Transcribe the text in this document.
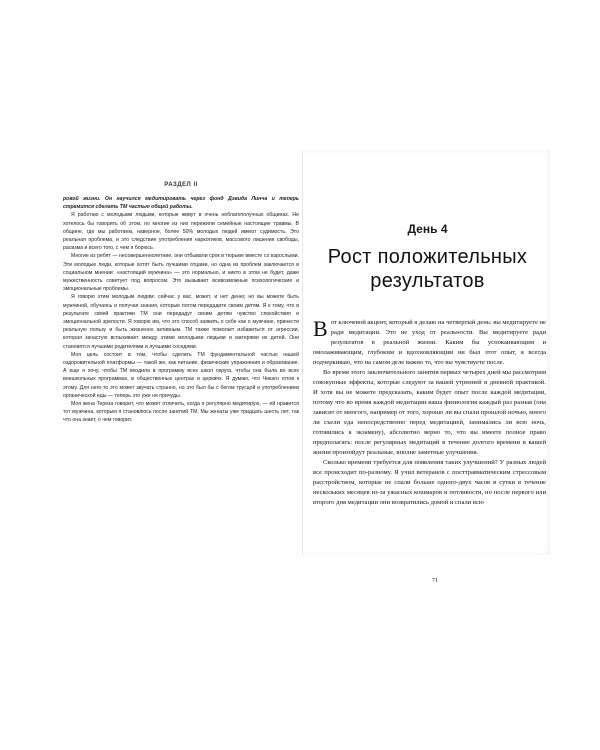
РАЗДЕЛ II

ровой жизни. Он научился медитировать через фонд Дэвида Линча и теперь стремится сделать ТМ частью общей работы.

Я работаю с молодыми людьми, которые живут в очень неблагополучных общинах. Не хотелось бы говорить об этом, но многие из них пережили семейные настоящие травмы. В общине, где мы работаем, наверное, более 50% молодых людей имеют судимость. Это реальная проблема, и это следствие употребления наркотиков, массового лишения свободы, расизма и всего того, с чем я борюсь.

Многие из ребят — несовершеннолетние, они отбывали срок в тюрьме вместе со взрослыми. Эти молодые люди, которые хотят быть лучшими отцами, но одна из проблем заключается в социальном мнении: «настоящий мужчина» — это нормально, и никто в этом не будет, даже мужественность советует под вопросом. Это вызывает всевозможные психологические и эмоциональные проблемы.

Я говорю этим молодым людям: сейчас у вас, может, и нет денег, но вы можете быть мужчиной, обучаясь и получая знания, которые потом передадите своим детям. Я к тому, что в результате своей практики ТМ они передадут своим детям чувство спокойствия и эмоциональной зрелости. Я говорю им, что это способ заявить о себе как о мужчине, принести реальную пользу и быть жизненно активным. ТМ также помогает избавиться от агрессии, которая зачастую вспыхивает между этими молодыми людьми и матерями их детей. Они становятся лучшими родителями и лучшими соседями.

Моя цель состоит в том, чтобы сделать ТМ фундаментальной частью нашей оздоровительной платформы — такой же, как питание, физические упражнения и образование. А еще я хочу, чтобы ТМ входила в программу всех школ округа, чтобы она была во всех внешкольных программах, в общественных центрах и церквях. Я думаю, что Чикаго готов к этому. Для него-то это может звучать странно, но это был бы с бегом трусцой и употреблением органической еды — теперь это уже не причуды.

Моя жена Тереза говорит, что может отличить, когда я регулярно медитирую, — ей нравится тот мужчина, которым я становлюсь после занятий ТМ. Мы женаты уже тридцать шесть лет, так что она знает, о чем говорит.

День 4
Рост положительных результатов

Вот ключевой акцент, который я делаю на четвертый день: вы медитируете не ради медитации. Это не уход от реальности. Вы медитируете ради результатов в реальной жизни. Каким бы успокаивающим и омолаживающим, глубоким и вдохновляющим ни был этот опыт, я всегда подчеркиваю, что на самом деле важно то, что вы чувствуете после.

Во время этого заключительного занятия первых четырех дней мы рассмотрим совокупные эффекты, которые следуют за вашей утренней и дневной практикой. И хотя вы не можете предсказать, каким будет опыт после каждой медитации, потому что во время каждой медитации ваша физиология каждый раз разная (она зависит от многого, например от того, хорошо ли вы спали прошлой ночью, много ли съели еда непосредственно перед медитацией, занимались ли всю ночь, готовились к экзамену), абсолютно верно то, что вы имеете полное право предполагать: после регулярных медитаций в течение долгого времени в вашей жизни произойдут реальные, вполне заметные улучшения.

Сколько времени требуется для появления таких улучшений? У разных людей все происходит по-разному. Я учил ветеранов с посттравматическим стрессовым расстройством, которые не спали больше одного-двух часов в сутки в течение нескольких месяцев из-за ужасных кошмаров и потливости, но после первого или второго дня медитации они возвратились домой и спали всю

71
